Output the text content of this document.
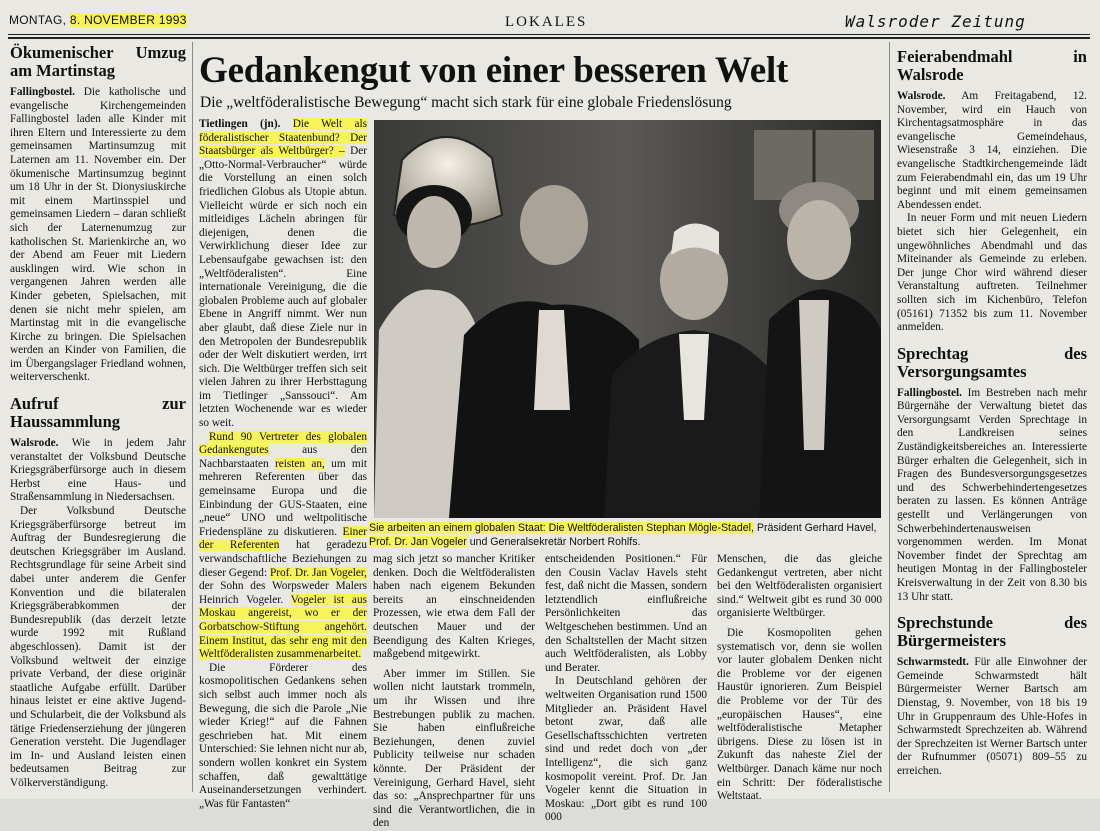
MONTAG, 8. NOVEMBER 1993	LOKALES	Walsroder Zeitung
Ökumenischer Umzug am Martinstag

Fallingbostel. Die katholische und evangelische Kirchengemeinden Fallingbostel laden alle Kinder mit ihren Eltern und Interessierte zu dem gemeinsamen Martinsumzug mit Laternen am 11. November ein. Der ökumenische Martinsumzug beginnt um 18 Uhr in der St. Dionysiuskirche mit einem Martinsspiel und gemeinsamen Liedern – daran schließt sich der Laternenumzug zur katholischen St. Marienkirche an, wo der Abend am Feuer mit Liedern ausklingen wird. Wie schon in vergangenen Jahren werden alle Kinder gebeten, Spielsachen, mit denen sie nicht mehr spielen, am Martinstag mit in die evangelische Kirche zu bringen. Die Spielsachen werden an Kinder von Familien, die im Übergangslager Friedland wohnen, weiterverschenkt.

Aufruf zur Haussammlung

Walsrode. Wie in jedem Jahr veranstaltet der Volksbund Deutsche Kriegsgräberfürsorge auch in diesem Herbst eine Haus- und Straßensammlung in Niedersachsen.

Der Volksbund Deutsche Kriegsgräberfürsorge betreut im Auftrag der Bundesregierung die deutschen Kriegsgräber im Ausland. Rechtsgrundlage für seine Arbeit sind dabei unter anderem die Genfer Konvention und die bilateralen Kriegsgräberabkommen der Bundesrepublik (das derzeit letzte wurde 1992 mit Rußland abgeschlossen). Damit ist der Volksbund weltweit der einzige private Verband, der diese originär staatliche Aufgabe erfüllt. Darüber hinaus leistet er eine aktive Jugend- und Schularbeit, die der Volksbund als tätige Friedenserziehung der jüngeren Generation versteht. Die Jugendlager im In- und Ausland leisten einen bedeutsamen Beitrag zur Völkerverständigung.

Gedankengut von einer besseren Welt
Die „weltföderalistische Bewegung“ macht sich stark für eine globale Friedenslösung

Tietlingen (jn). Die Welt als föderalistischer Staatenbund? Der Staatsbürger als Weltbürger? – Der „Otto-Normal-Verbraucher“ würde die Vorstellung an einen solch friedlichen Globus als Utopie abtun. Vielleicht würde er sich noch ein mitleidiges Lächeln abringen für diejenigen, denen die Verwirklichung dieser Idee zur Lebensaufgabe gewachsen ist: den „Weltföderalisten“. Eine internationale Vereinigung, die die globalen Probleme auch auf globaler Ebene in Angriff nimmt. Wer nun aber glaubt, daß diese Ziele nur in den Metropolen der Bundesrepublik oder der Welt diskutiert werden, irrt sich. Die Weltbürger treffen sich seit vielen Jahren zu ihrer Herbsttagung im Tietlinger „Sanssouci“. Am letzten Wochenende war es wieder so weit.

Rund 90 Vertreter des globalen Gedankengutes	aus den Nachbarstaaten reisten an, um mit mehreren Referenten über das gemeinsame Europa und die Einbindung der GUS-Staaten, eine „neue“ UNO und weltpolitische Friedenspläne zu diskutieren. Einer der Referenten hat geradezu verwandschaftliche Beziehungen zu dieser Gegend: Prof. Dr. Jan Vogeler, der Sohn des Worpsweder Malers Heinrich Vogeler. Vogeler ist aus Moskau angereist, wo er der Gorbatschow-Stiftung angehört. Einem Institut, das sehr eng mit den Weltföderalisten zusammenarbeitet.

Die Förderer des kosmopolitischen Gedankens sehen sich selbst auch immer noch als Bewegung, die sich die Parole „Nie wieder Krieg!“ auf die Fahnen geschrieben hat. Mit einem Unterschied: Sie lehnen nicht nur ab, sondern wollen konkret ein System schaffen, daß gewalttätige Auseinandersetzungen verhindert. „Was für Fantasten“

Sie arbeiten an einem globalen Staat: Die Weltföderalisten Stephan Mögle-Stadel, Präsident Gerhard Havel, Prof. Dr. Jan Vogeler und Generalsekretär Norbert Rohlfs.

mag sich jetzt so mancher Kritiker denken. Doch die Weltföderalisten haben nach eigenem Bekunden bereits an einschneidenden Prozessen, wie etwa dem Fall der deutschen Mauer und der Beendigung des Kalten Krieges, maßgebend mitgewirkt.

Aber immer im Stillen. Sie wollen nicht lautstark trommeln, um ihr Wissen und ihre Bestrebungen publik zu machen. Sie haben einflußreiche Beziehungen, denen zuviel Publicity teilweise nur schaden könnte. Der Präsident der Vereinigung, Gerhard Havel, sieht das so: „Ansprechpartner für uns sind die Verantwortlichen, die in den

entscheidenden Positionen.“ Für den Cousin Vaclav Havels steht fest, daß nicht die Massen, sondern letztendlich einflußreiche Persönlichkeiten das Weltgeschehen bestimmen. Und an den Schaltstellen der Macht sitzen auch Weltföderalisten, als Lobby und Berater.

In Deutschland gehören der weltweiten Organisation rund 1500 Mitglieder an. Präsident Havel betont zwar, daß alle Gesellschaftsschichten vertreten sind und redet doch von „der Intelligenz“, die sich ganz kosmopolit vereint. Prof. Dr. Jan Vogeler kennt die Situation in Moskau: „Dort gibt es rund 100 000

Menschen, die das gleiche Gedankengut vertreten, aber nicht bei den Weltföderalisten organisiert sind.“ Weltweit gibt es rund 30 000 organisierte Weltbürger.

Die Kosmopoliten gehen systematisch vor, denn sie wollen vor lauter globalem Denken nicht die Probleme vor der eigenen Haustür ignorieren. Zum Beispiel die Probleme vor der Tür des „europäischen Hauses“, eine weltföderalistische Metapher übrigens. Diese zu lösen ist in Zukunft das naheste Ziel der Weltbürger. Danach käme nur noch ein Schritt: Der föderalistische Weltstaat.

Feierabendmahl in Walsrode

Walsrode. Am Freitagabend, 12. November, wird ein Hauch von Kirchentagsatmosphäre in das evangelische Gemeindehaus, Wiesenstraße 3 14, einziehen. Die evangelische Stadtkirchengemeinde lädt zum Feierabendmahl ein, das um 19 Uhr beginnt und mit einem gemeinsamen Abendessen endet.

In neuer Form und mit neuen Liedern bietet sich hier Gelegenheit, ein ungewöhnliches Abendmahl und das Miteinander als Gemeinde zu erleben. Der junge Chor wird während dieser Veranstaltung auftreten. Teilnehmer sollten sich im Kichenbüro, Telefon (05161) 71352 bis zum 11. November anmelden.

Sprechtag des Versorgungsamtes

Fallingbostel. Im Bestreben nach mehr Bürgernähe der Verwaltung bietet das Versorgungsamt Verden Sprechtage in den Landkreisen seines Zuständigkeitsbereiches an. Interessierte Bürger erhalten die Gelegenheit, sich in Fragen des Bundesversorgungsgesetzes und des Schwerbehindertengesetzes beraten zu lassen. Es können Anträge gestellt und Verlängerungen von Schwerbehindertenausweisen vorgenommen werden. Im Monat November findet der Sprechtag am heutigen Montag in der Fallingbosteler Kreisverwaltung in der Zeit von 8.30 bis 13 Uhr statt.

Sprechstunde des Bürgermeisters

Schwarmstedt. Für alle Einwohner der Gemeinde Schwarmstedt hält Bürgermeister Werner Bartsch am Dienstag, 9. November, von 18 bis 19 Uhr in Gruppenraum des Uhle-Hofes in Schwarmstedt Sprechzeiten ab. Während der Sprechzeiten ist Werner Bartsch unter der Rufnummer (05071) 809–55 zu erreichen.
